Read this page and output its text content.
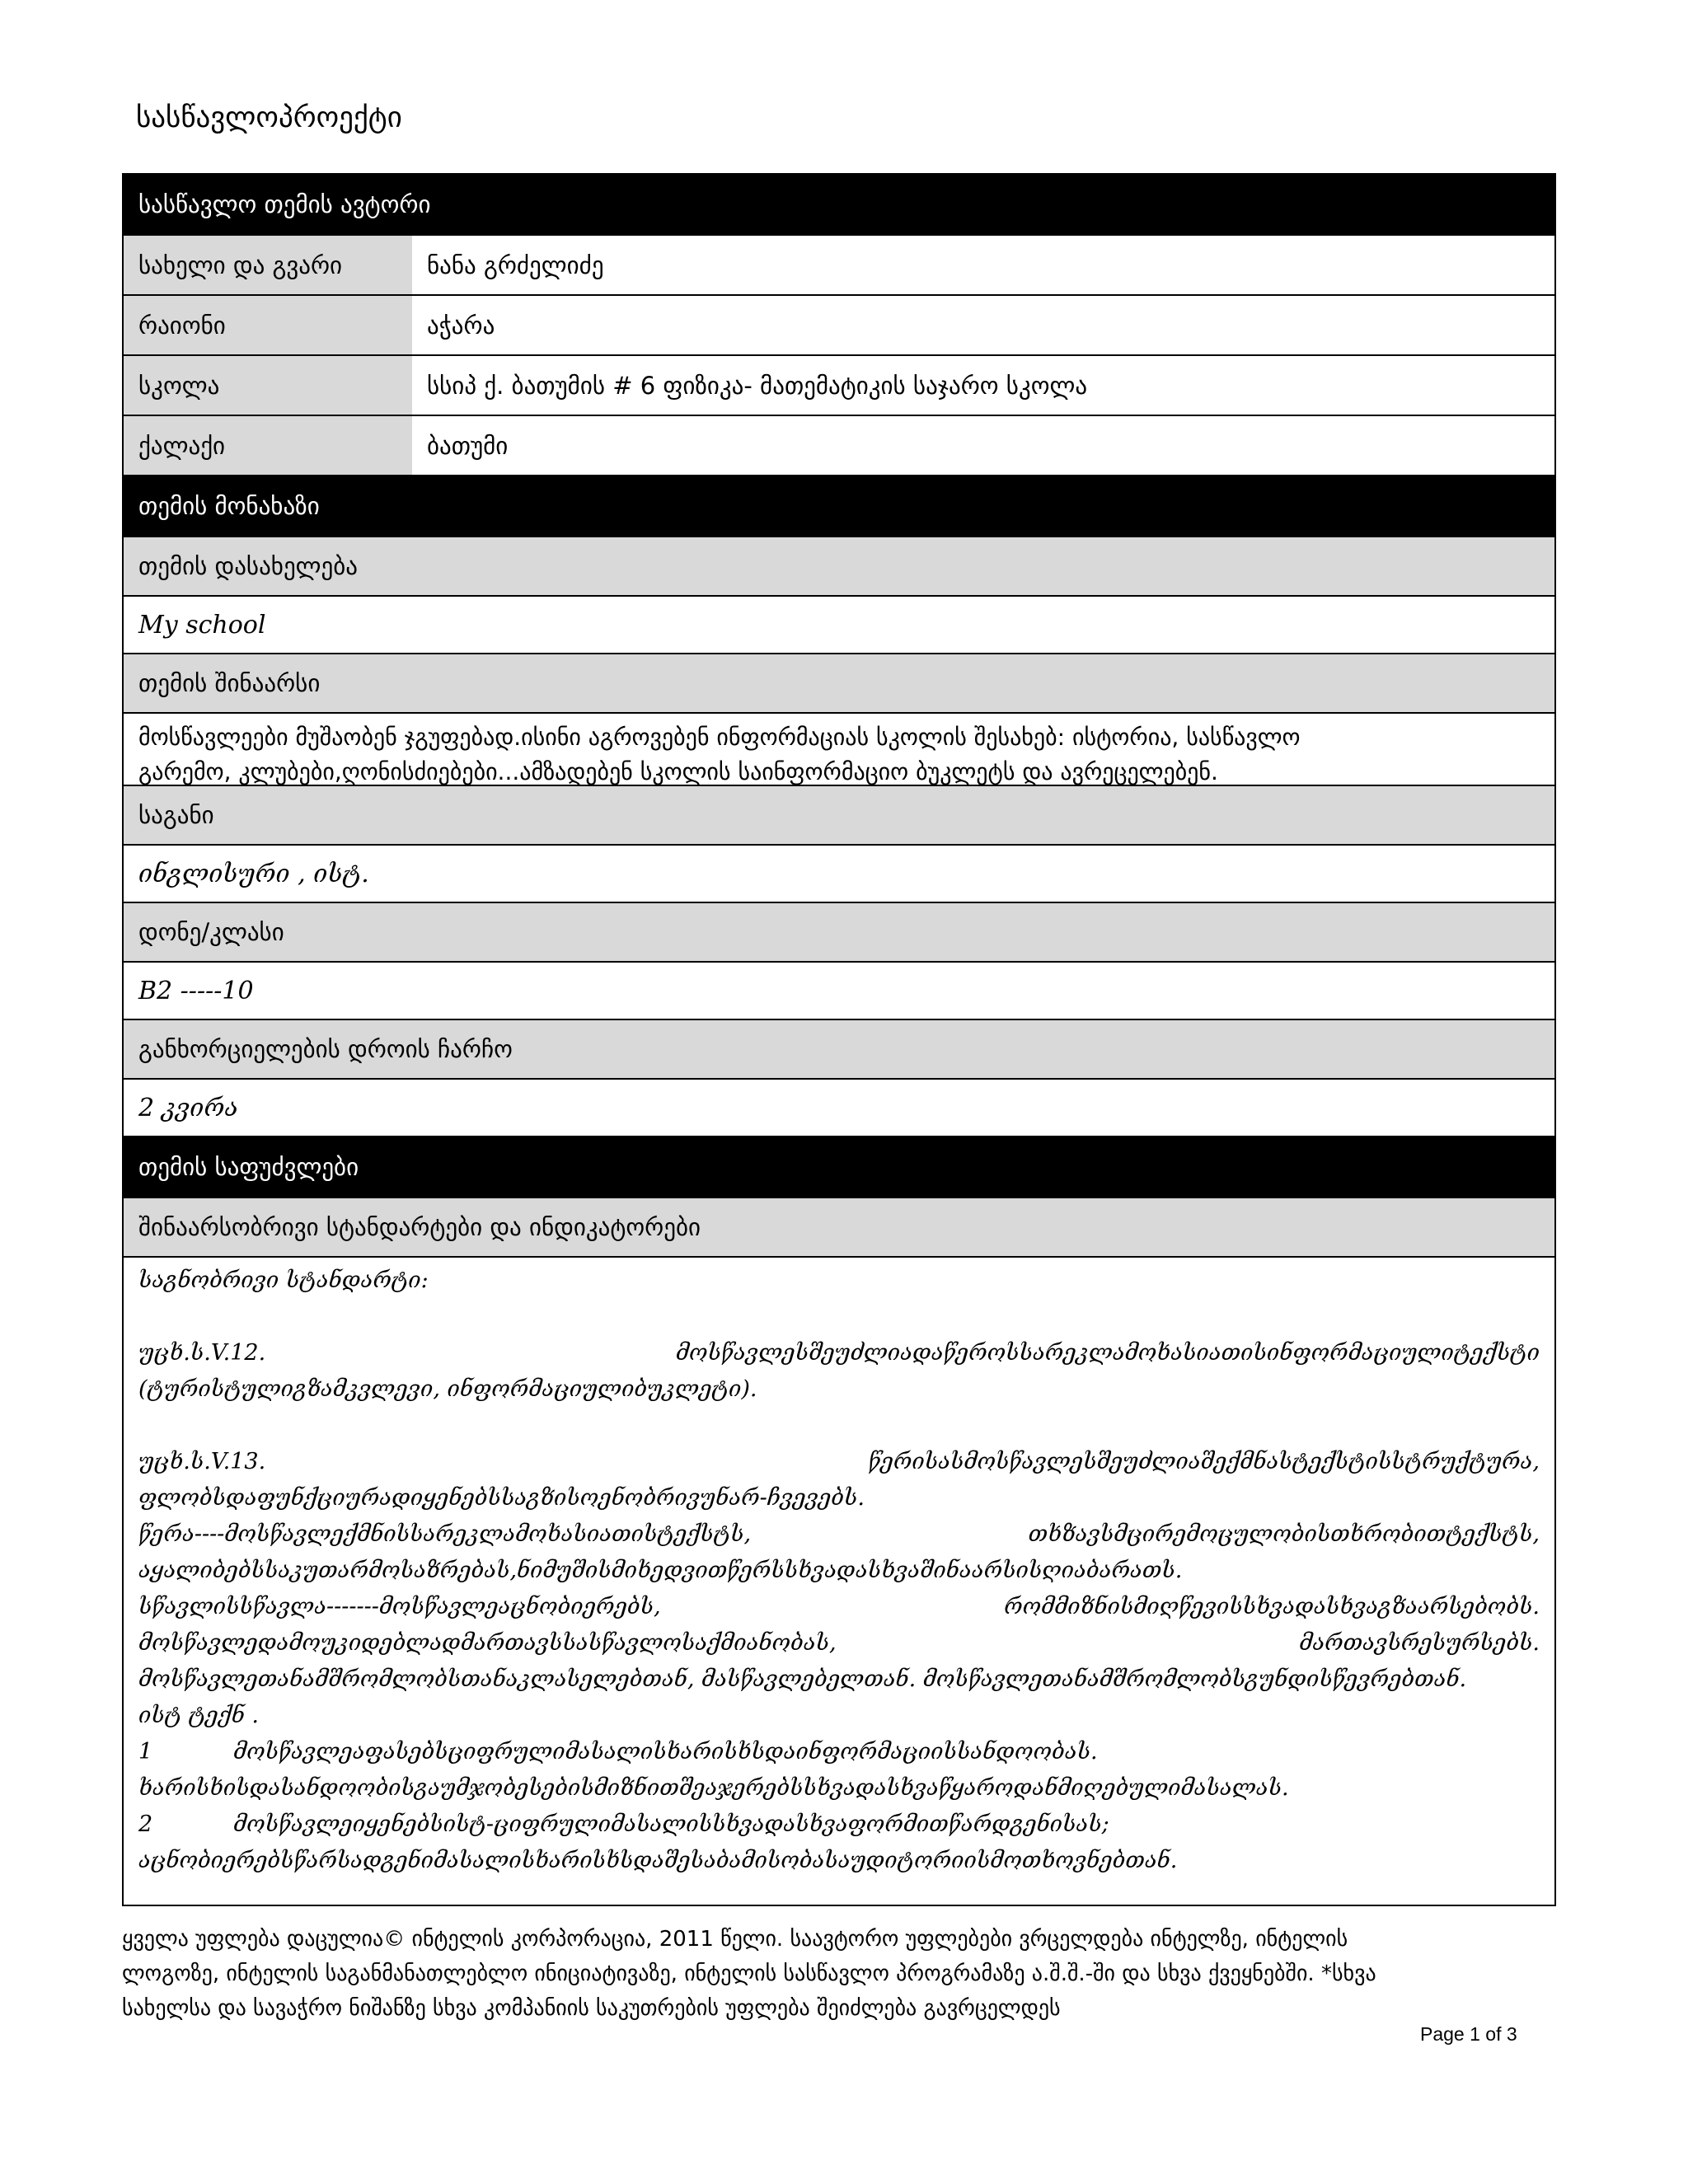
სასწავლოპროექტი
სასწავლო თემის ავტორი
სახელი და გვარი	ნანა გრძელიძე
რაიონი	აჭარა
სკოლა	სსიპ ქ. ბათუმის # 6 ფიზიკა- მათემატიკის საჯარო სკოლა
ქალაქი	ბათუმი
თემის მონახაზი
თემის დასახელება
My school
თემის შინაარსი
მოსწავლეები მუშაობენ ჯგუფებად.ისინი აგროვებენ ინფორმაციას სკოლის შესახებ: ისტორია, სასწავლო
გარემო, კლუბები,ღონისძიებები...ამზადებენ სკოლის საინფორმაციო ბუკლეტს და ავრეცელებენ.
საგანი
ინგლისური , ისტ.
დონე/კლასი
B2 -----10
განხორციელების დროის ჩარჩო
2 კვირა
თემის საფუძვლები
შინაარსობრივი სტანდარტები და ინდიკატორები

საგნობრივი სტანდარტი:

უცხ.ს.V.12.	მოსწავლესშეუძლიადაწეროსსარეკლამოხასიათისინფორმაციულიტექსტი

(ტურისტულიგზამკვლევი, ინფორმაციულიბუკლეტი).

უცხ.ს.V.13.	წერისასმოსწავლესშეუძლიაშექმნასტექსტისსტრუქტურა,

ფლობსდაფუნქციურადიყენებსსაგზისოენობრივუნარ-ჩვევებს.

წერა----მოსწავლექმნისსარეკლამოხასიათისტექსტს,	თხზავსმცირემოცულობისთხრობითტექსტს,

აყალიბებსსაკუთარმოსაზრებას,ნიმუშისმიხედვითწერსსხვადასხვაშინაარსისღიაბარათს.

სწავლისსწავლა-------მოსწავლეაცნობიერებს,	რომმიზნისმიღწევისსხვადასხვაგზაარსებობს.

მოსწავლედამოუკიდებლადმართავსსასწავლოსაქმიანობას,	მართავსრესურსებს.

მოსწავლეთანამშრომლობსთანაკლასელებთან, მასწავლებელთან. მოსწავლეთანამშრომლობსგუნდისწევრებთან.

ისტ ტექნ .

1	მოსწავლეაფასებსციფრულიმასალისხარისხსდაინფორმაციისსანდოობას.

ხარისხისდასანდოობისგაუმჯობესებისმიზნითშეაჯერებსსხვადასხვაწყაროდანმიღებულიმასალას.

2	მოსწავლეიყენებსისტ-ციფრულიმასალისსხვადასხვაფორმითწარდგენისას;

აცნობიერებსწარსადგენიმასალისხარისხსდაშესაბამისობასაუდიტორიისმოთხოვნებთან.

ყველა უფლება დაცულია© ინტელის კორპორაცია, 2011 წელი. საავტორო უფლებები ვრცელდება ინტელზე, ინტელის
ლოგოზე, ინტელის საგანმანათლებლო ინიციატივაზე, ინტელის სასწავლო პროგრამაზე ა.შ.შ.-ში და სხვა ქვეყნებში. *სხვა
სახელსა და სავაჭრო ნიშანზე სხვა კომპანიის საკუთრების უფლება შეიძლება გავრცელდეს
Page 1 of 3
